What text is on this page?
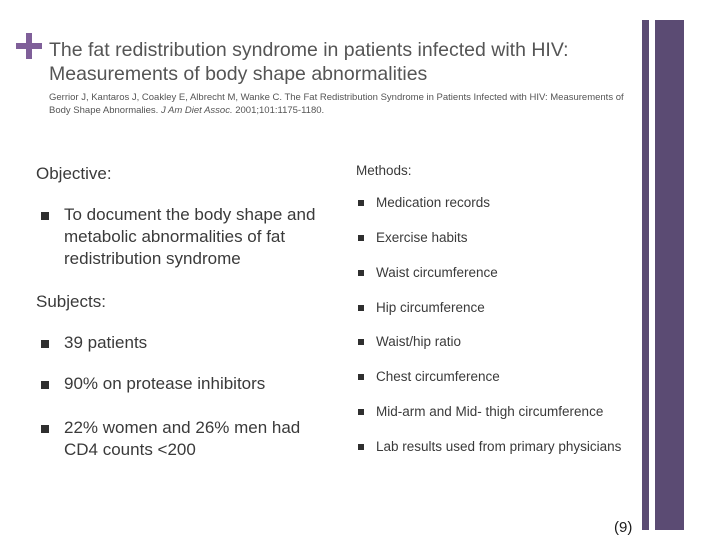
The fat redistribution syndrome in patients infected with HIV: Measurements of body shape abnormalities
Gerrior J, Kantaros J, Coakley E, Albrecht M, Wanke C. The Fat Redistribution Syndrome in Patients Infected with HIV: Measurements of Body Shape Abnormalies. J Am Diet Assoc. 2001;101:1175-1180.
Objective:
To document the body shape and metabolic abnormalities of fat redistribution syndrome
Subjects:
39 patients
90% on protease inhibitors
22% women and 26% men had CD4 counts <200
Methods:
Medication records
Exercise habits
Waist circumference
Hip circumference
Waist/hip ratio
Chest circumference
Mid-arm and Mid- thigh circumference
Lab results used from primary physicians
(9)
